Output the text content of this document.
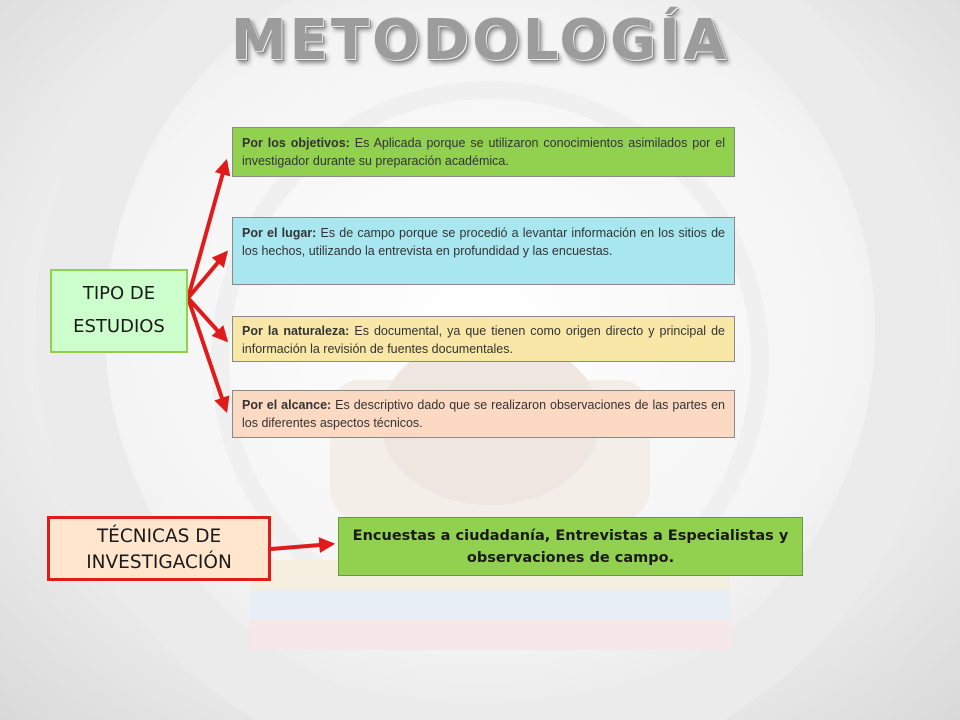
METODOLOGÍA
TIPO DE
ESTUDIOS
Por los objetivos: Es Aplicada porque se utilizaron conocimientos asimilados por el investigador durante su preparación académica.
Por el lugar: Es de campo porque se procedió a levantar información en los sitios de los hechos, utilizando la entrevista en profundidad y las encuestas.
Por la naturaleza: Es documental, ya que tienen como origen directo y principal de información la revisión de fuentes documentales.
Por el alcance: Es descriptivo dado que se realizaron observaciones de las partes en los diferentes aspectos técnicos.
TÉCNICAS DE
INVESTIGACIÓN
Encuestas a ciudadanía, Entrevistas a Especialistas y observaciones de campo.
